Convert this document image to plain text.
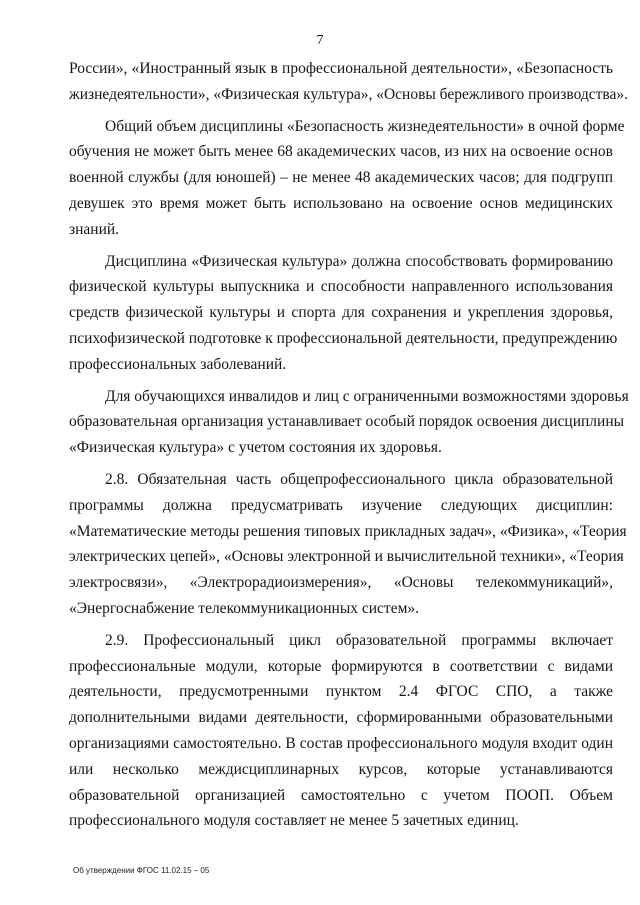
7

России», «Иностранный язык в профессиональной деятельности», «Безопасность
жизнедеятельности», «Физическая культура», «Основы бережливого производства».

Общий объем дисциплины «Безопасность жизнедеятельности» в очной форме
обучения не может быть менее 68 академических часов, из них на освоение основ
военной службы (для юношей) – не менее 48 академических часов; для подгрупп
девушек это время может быть использовано на освоение основ медицинских
знаний.

Дисциплина «Физическая культура» должна способствовать формированию
физической культуры выпускника и способности направленного использования
средств физической культуры и спорта для сохранения и укрепления здоровья,
психофизической подготовке к профессиональной деятельности, предупреждению
профессиональных заболеваний.

Для обучающихся инвалидов и лиц с ограниченными возможностями здоровья
образовательная организация устанавливает особый порядок освоения дисциплины
«Физическая культура» с учетом состояния их здоровья.

2.8. Обязательная часть общепрофессионального цикла образовательной
программы должна предусматривать изучение следующих дисциплин:
«Математические методы решения типовых прикладных задач», «Физика», «Теория
электрических цепей», «Основы электронной и вычислительной техники», «Теория
электросвязи», «Электрорадиоизмерения», «Основы телекоммуникаций»,
«Энергоснабжение телекоммуникационных систем».

2.9. Профессиональный цикл образовательной программы включает
профессиональные модули, которые формируются в соответствии с видами
деятельности, предусмотренными пунктом 2.4 ФГОС СПО, а также
дополнительными видами деятельности, сформированными образовательными
организациями самостоятельно. В состав профессионального модуля входит один
или несколько междисциплинарных курсов, которые устанавливаются
образовательной организацией самостоятельно с учетом ПООП. Объем
профессионального модуля составляет не менее 5 зачетных единиц.

Об утверждении ФГОС 11.02.15 – 05
